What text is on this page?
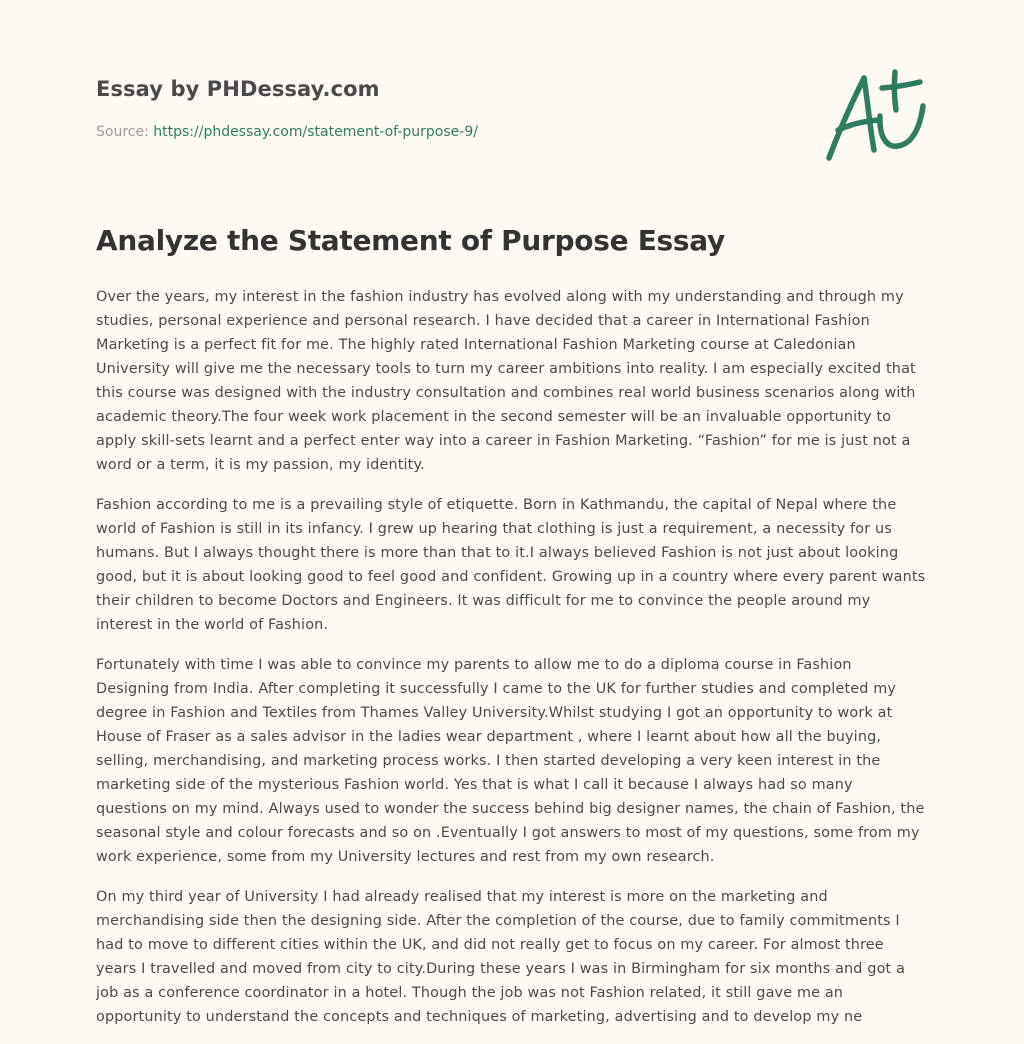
Essay by PHDessay.com
Source: https://phdessay.com/statement-of-purpose-9/
Analyze the Statement of Purpose Essay

Over the years, my interest in the fashion industry has evolved along with my understanding and through my studies, personal experience and personal research. I have decided that a career in International Fashion Marketing is a perfect fit for me. The highly rated International Fashion Marketing course at Caledonian University will give me the necessary tools to turn my career ambitions into reality. I am especially excited that this course was designed with the industry consultation and combines real world business scenarios along with academic theory.The four week work placement in the second semester will be an invaluable opportunity to apply skill-sets learnt and a perfect enter way into a career in Fashion Marketing. “Fashion” for me is just not a word or a term, it is my passion, my identity.

Fashion according to me is a prevailing style of etiquette. Born in Kathmandu, the capital of Nepal where the world of Fashion is still in its infancy. I grew up hearing that clothing is just a requirement, a necessity for us humans. But I always thought there is more than that to it.I always believed Fashion is not just about looking good, but it is about looking good to feel good and confident. Growing up in a country where every parent wants their children to become Doctors and Engineers. It was difficult for me to convince the people around my interest in the world of Fashion.

Fortunately with time I was able to convince my parents to allow me to do a diploma course in Fashion Designing from India. After completing it successfully I came to the UK for further studies and completed my degree in Fashion and Textiles from Thames Valley University.Whilst studying I got an opportunity to work at House of Fraser as a sales advisor in the ladies wear department , where I learnt about how all the buying, selling, merchandising, and marketing process works. I then started developing a very keen interest in the marketing side of the mysterious Fashion world. Yes that is what I call it because I always had so many questions on my mind. Always used to wonder the success behind big designer names, the chain of Fashion, the seasonal style and colour forecasts and so on .Eventually I got answers to most of my questions, some from my work experience, some from my University lectures and rest from my own research.

On my third year of University I had already realised that my interest is more on the marketing and merchandising side then the designing side. After the completion of the course, due to family commitments I had to move to different cities within the UK, and did not really get to focus on my career. For almost three years I travelled and moved from city to city.During these years I was in Birmingham for six months and got a job as a conference coordinator in a hotel. Though the job was not Fashion related, it still gave me an opportunity to understand the concepts and techniques of marketing, advertising and to develop my ne
